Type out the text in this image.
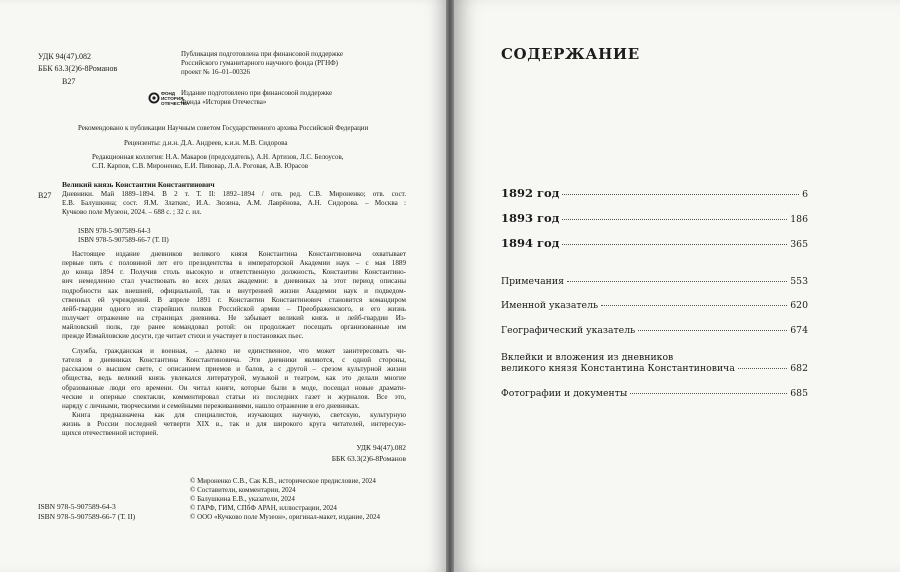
УДК 94(47).082
ББК 63.3(2)6-8Романов
В27
Публикация подготовлена при финансовой поддержке
Российского гуманитарного научного фонда (РГНФ)
проект № 16–01–00326
ФОНД
ИСТОРИЯ
ОТЕЧЕСТВА
Издание подготовлено при финансовой поддержке
Фонда «История Отечества»
Рекомендовано к публикации Научным советом Государственного архива Российской Федерации
Рецензенты: д.и.н. Д.А. Андреев, к.и.н. М.В. Сидорова
Редакционная коллегия: Н.А. Макаров (председатель), А.Н. Артизов, Л.С. Белоусов,
С.П. Карпов, С.В. Мироненко, Е.И. Пивовар, Л.А. Роговая, А.В. Юрасов
Великий князь Константин Константинович
В27 Дневники. Май 1889–1894. В 2 т. Т. II: 1892–1894 / отв. ред. С.В. Мироненко; отв. сост.
Е.В. Балушкина; сост. Я.М. Златкис, И.А. Зюзина, А.М. Лаврёнова, А.Н. Сидорова. – Москва :
Кучково поле Музеон, 2024. – 688 с. ; 32 с. ил.
ISBN 978-5-907589-64-3
ISBN 978-5-907589-66-7 (Т. II)
Настоящее издание дневников великого князя Константина Константиновича охватывает
первые пять с половиной лет его президентства в императорской Академии наук – с мая 1889
до конца 1894 г. Получив столь высокую и ответственную должность, Константин Константино-
вич немедленно стал участвовать во всех делах академии: в дневниках за этот период описаны
подробности как внешней, официальной, так и внутренней жизни Академии наук и подведом-
ственных ей учреждений. В апреле 1891 г. Константин Константинович становится командиром
лейб-гвардии одного из старейших полков Российской армии – Преображенского, и его жизнь
получает отражение на страницах дневника. Не забывает великий князь и лейб-гвардии Из-
майловский полк, где ранее командовал ротой: он продолжает посещать организованные им
прежде Измайловские досуги, где читает стихи и участвует в постановках пьес.
Служба, гражданская и военная, – далеко не единственное, что может заинтересовать чи-
тателя в дневниках Константина Константиновича. Эти дневники являются, с одной стороны,
рассказом о высшем свете, с описанием приемов и балов, а с другой – срезом культурной жизни
общества, ведь великий князь увлекался литературой, музыкой и театром, как это делали многие
образованные люди его времени. Он читал книги, которые были в моде, посещал новые драмати-
ческие и оперные спектакли, комментировал статьи из последних газет и журналов. Все это,
наряду с личными, творческими и семейными переживаниями, нашло отражение в его дневниках.
Книга предназначена как для специалистов, изучающих научную, светскую, культурную
жизнь в России последней четверти XIX в., так и для широкого круга читателей, интересую-
щихся отечественной историей.
УДК 94(47).082
ББК 63.3(2)6-8Романов
© Мироненко С.В., Сак К.В., историческое предисловие, 2024
© Составители, комментарии, 2024
© Балушкина Е.В., указатели, 2024
© ГАРФ, ГИМ, СПбФ АРАН, иллюстрации, 2024
© ООО «Кучково поле Музеон», оригинал-макет, издание, 2024
ISBN 978-5-907589-64-3
ISBN 978-5-907589-66-7 (Т. II)
СОДЕРЖАНИЕ
1892 год	6
1893 год	186
1894 год	365
Примечания	553
Именной указатель	620
Географический указатель	674
Вклейки и вложения из дневников
великого князя Константина Константиновича	682
Фотографии и документы	685
